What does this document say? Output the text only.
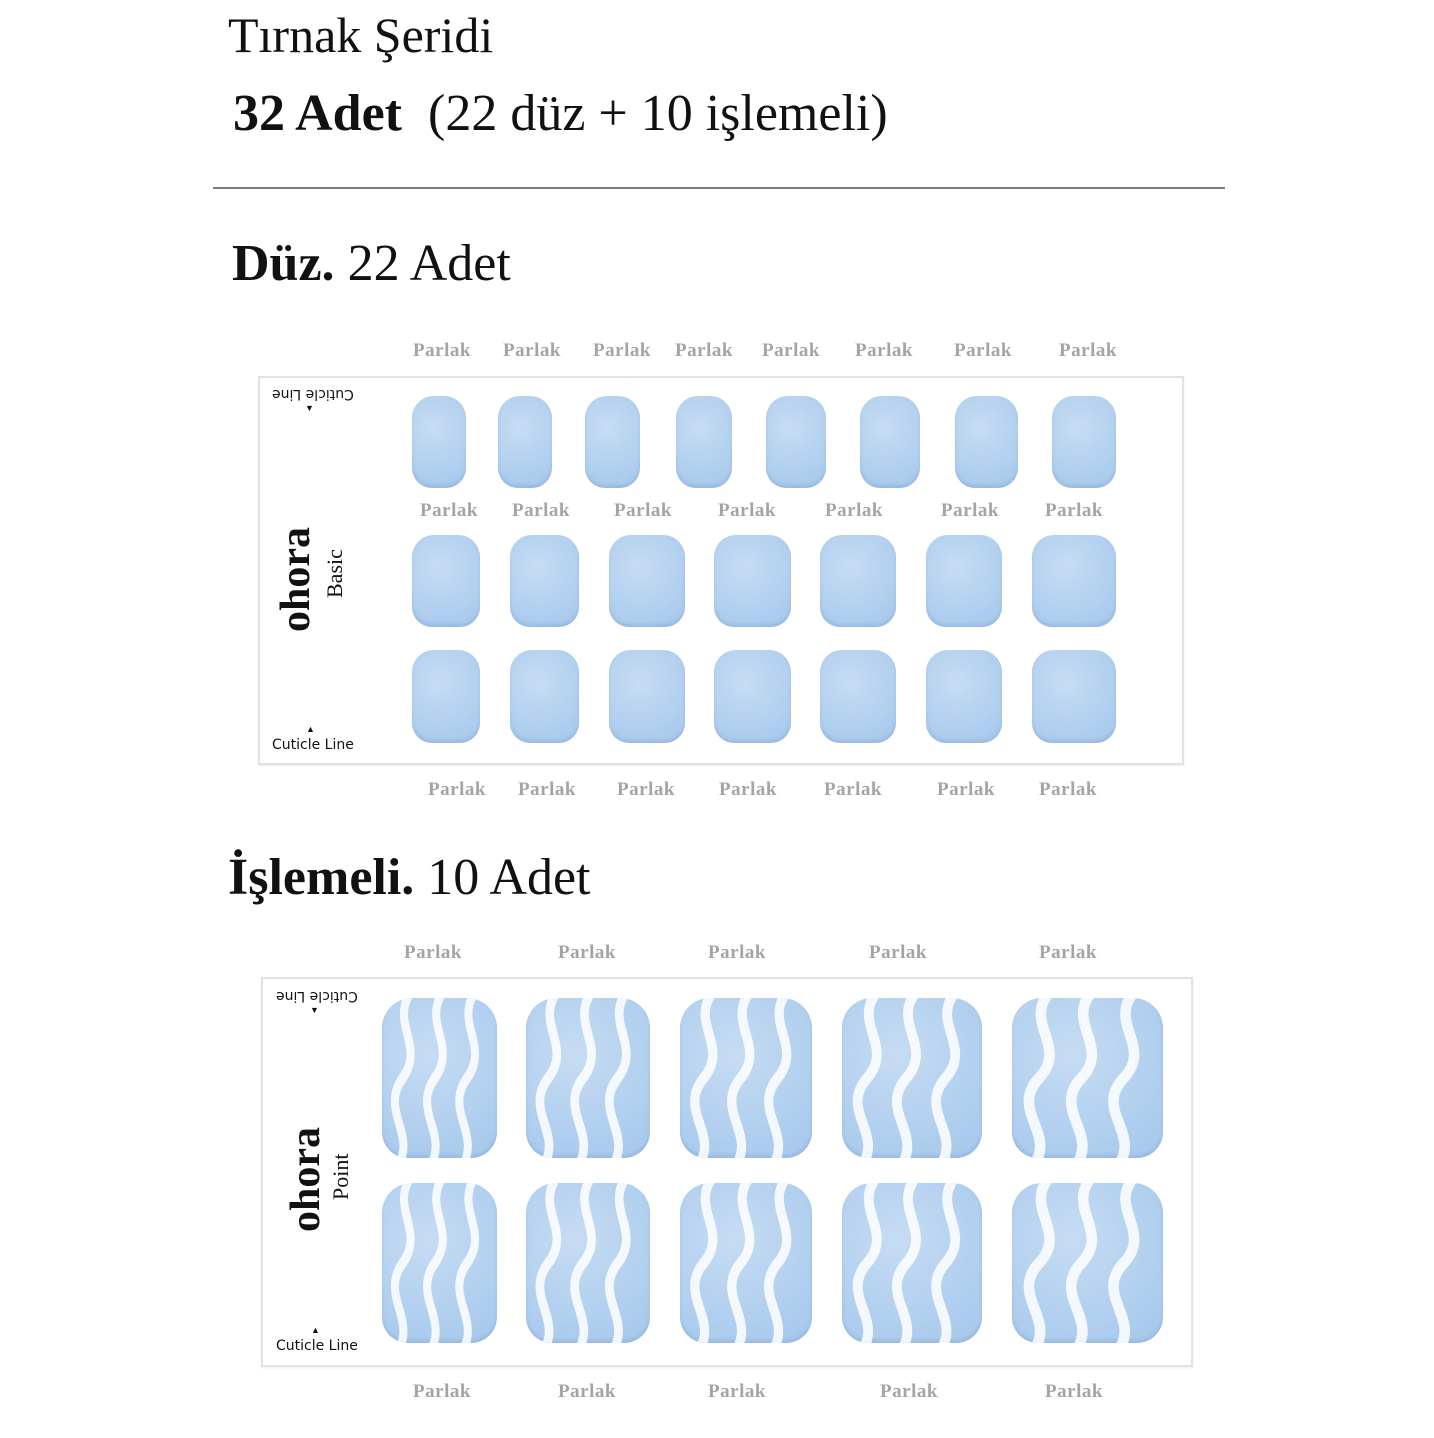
Tırnak Şeridi
32 Adet (22 düz + 10 işlemeli)
Düz. 22 Adet
Cuticle Line
▼
ohora Basic
▲
Cuticle Line
İşlemeli. 10 Adet
Cuticle Line
▼
ohora Point
▲
Cuticle Line
Parlak Parlak Parlak Parlak Parlak Parlak Parlak Parlak
Parlak Parlak Parlak Parlak	Parlak	Parlak Parlak
Parlak Parlak Parlak Parlak Parlak	Parlak Parlak
Parlak	Parlak	Parlak	Parlak	Parlak
Parlak	Parlak	Parlak	Parlak	Parlak
